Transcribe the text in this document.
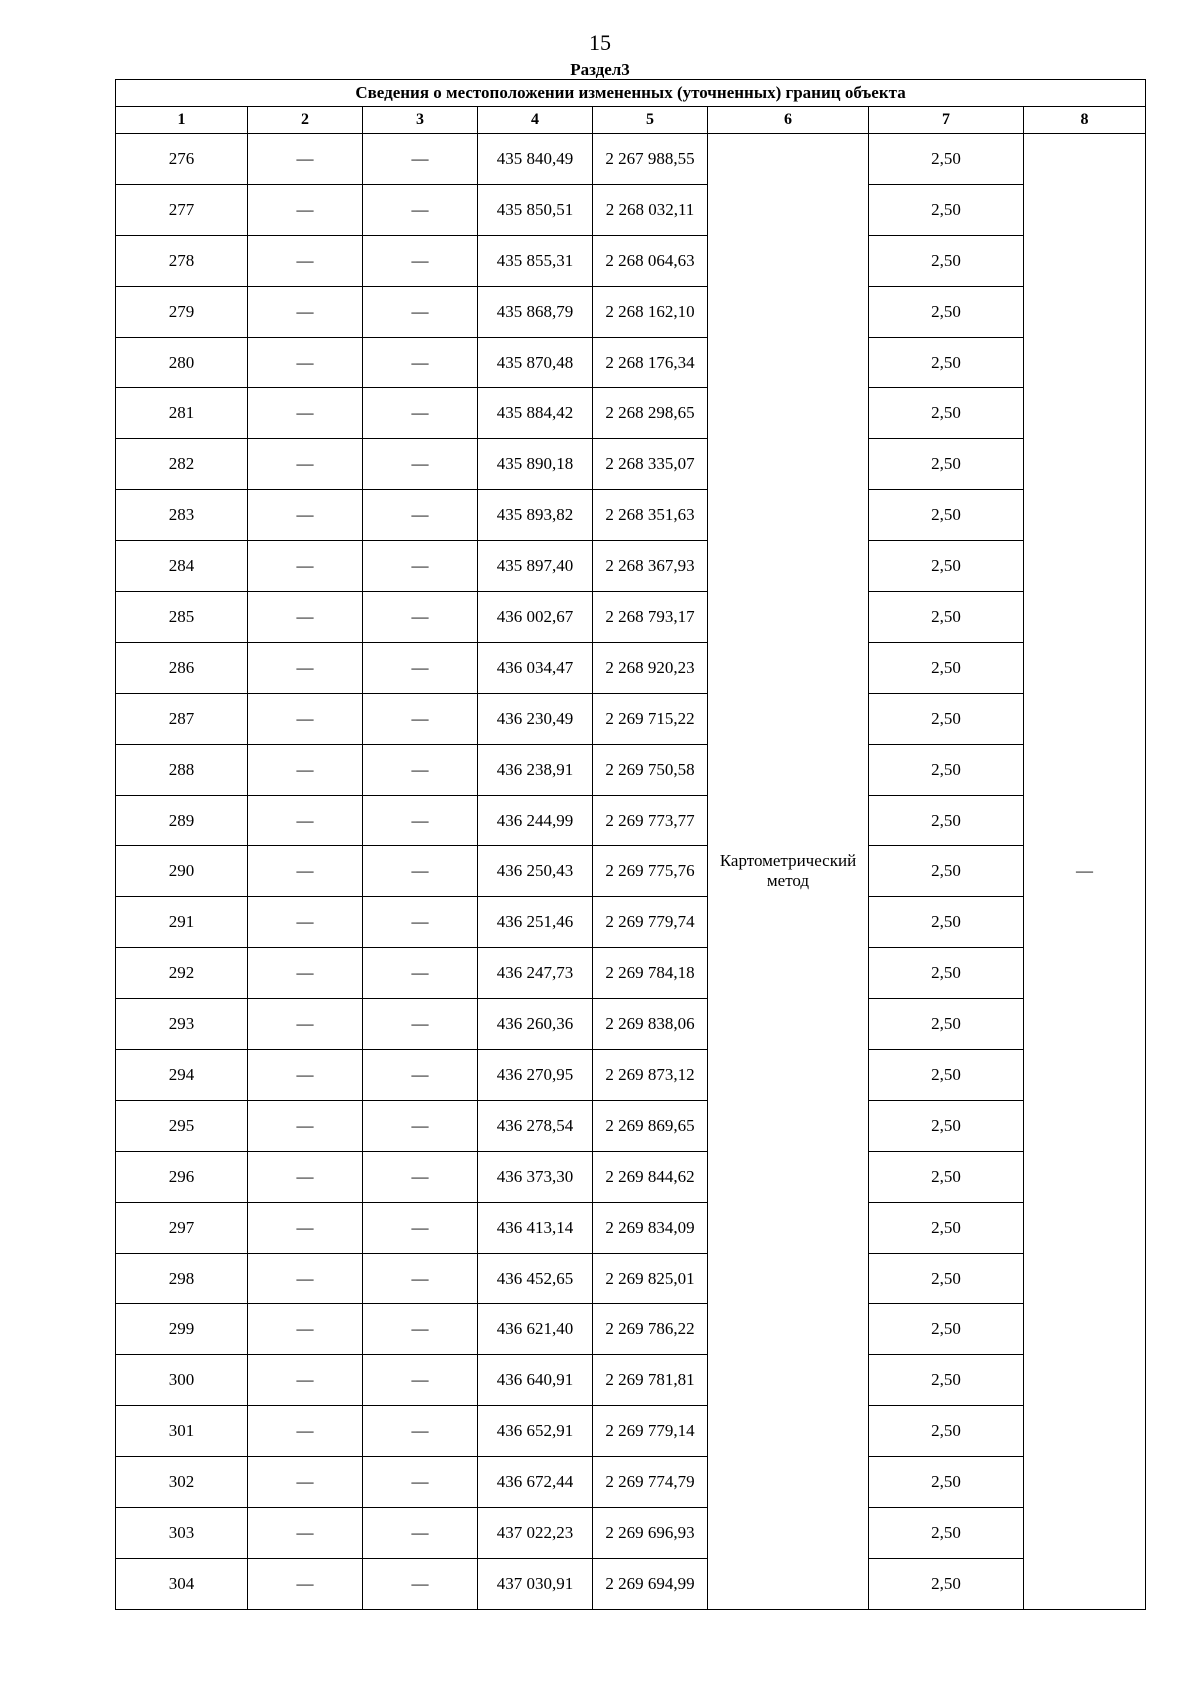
15
Раздел3
Сведения о местоположении измененных (уточненных) границ объекта							
1	2	3	4	5	6	7	8
276	—	—	435 840,49	2 267 988,55	Картометрический метод	2,50	—
277	—	—	435 850,51	2 268 032,11		2,50	
278	—	—	435 855,31	2 268 064,63		2,50	
279	—	—	435 868,79	2 268 162,10		2,50	
280	—	—	435 870,48	2 268 176,34		2,50	
281	—	—	435 884,42	2 268 298,65		2,50	
282	—	—	435 890,18	2 268 335,07		2,50	
283	—	—	435 893,82	2 268 351,63		2,50	
284	—	—	435 897,40	2 268 367,93		2,50	
285	—	—	436 002,67	2 268 793,17		2,50	
286	—	—	436 034,47	2 268 920,23		2,50	
287	—	—	436 230,49	2 269 715,22		2,50	
288	—	—	436 238,91	2 269 750,58		2,50	
289	—	—	436 244,99	2 269 773,77		2,50	
290	—	—	436 250,43	2 269 775,76		2,50	
291	—	—	436 251,46	2 269 779,74		2,50	
292	—	—	436 247,73	2 269 784,18		2,50	
293	—	—	436 260,36	2 269 838,06		2,50	
294	—	—	436 270,95	2 269 873,12		2,50	
295	—	—	436 278,54	2 269 869,65		2,50	
296	—	—	436 373,30	2 269 844,62		2,50	
297	—	—	436 413,14	2 269 834,09		2,50	
298	—	—	436 452,65	2 269 825,01		2,50	
299	—	—	436 621,40	2 269 786,22		2,50	
300	—	—	436 640,91	2 269 781,81		2,50	
301	—	—	436 652,91	2 269 779,14		2,50	
302	—	—	436 672,44	2 269 774,79		2,50	
303	—	—	437 022,23	2 269 696,93		2,50	
304	—	—	437 030,91	2 269 694,99		2,50	
